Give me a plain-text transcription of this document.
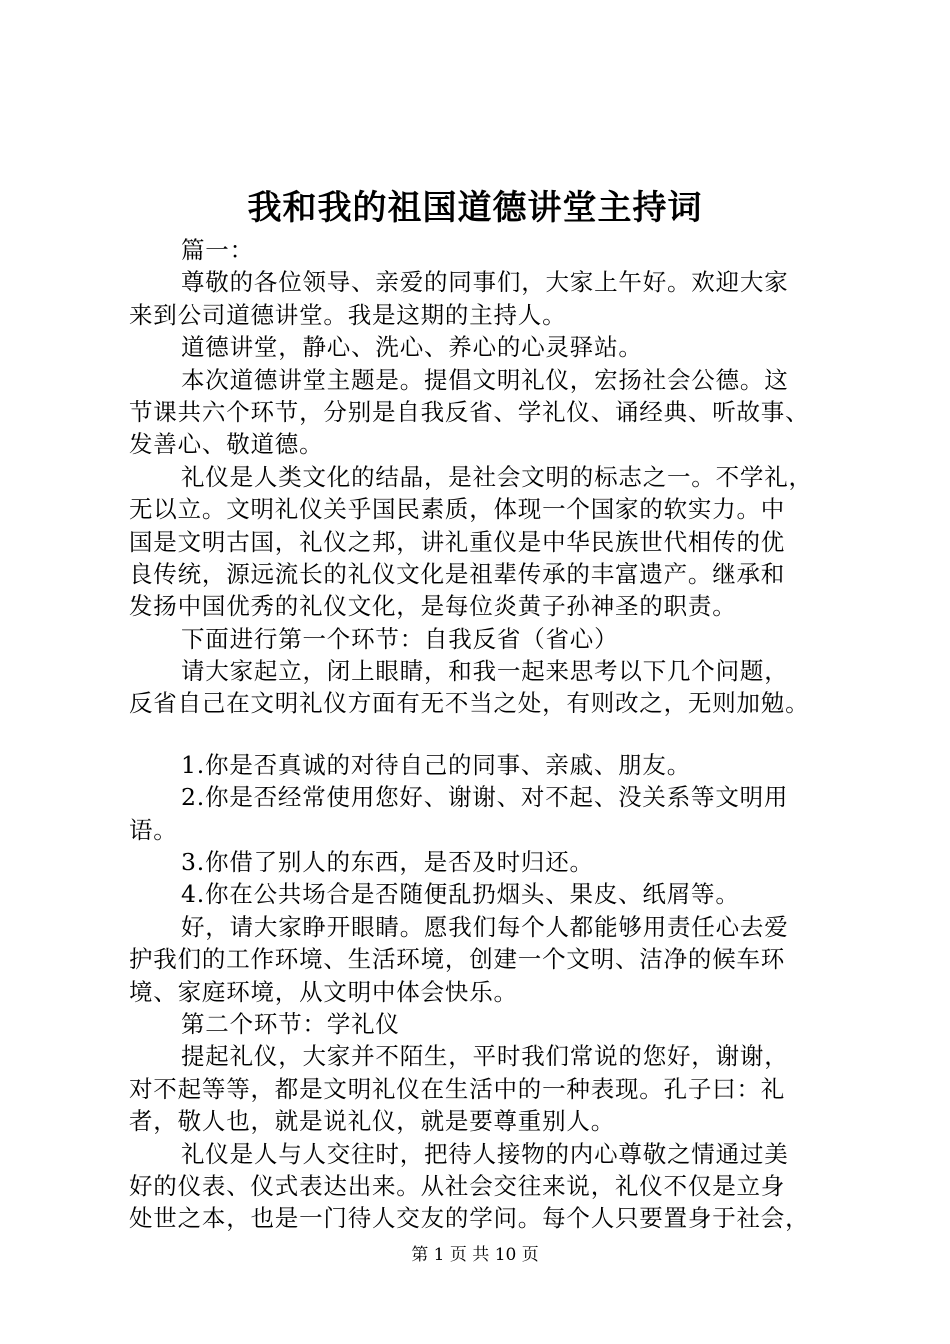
我和我的祖国道德讲堂主持词
篇一：
尊敬的各位领导、亲爱的同事们，大家上午好。欢迎大家
来到公司道德讲堂。我是这期的主持人。
道德讲堂，静心、洗心、养心的心灵驿站。
本次道德讲堂主题是。提倡文明礼仪，宏扬社会公德。这
节课共六个环节，分别是自我反省、学礼仪、诵经典、听故事、
发善心、敬道德。
礼仪是人类文化的结晶，是社会文明的标志之一。不学礼，
无以立。文明礼仪关乎国民素质，体现一个国家的软实力。中
国是文明古国，礼仪之邦，讲礼重仪是中华民族世代相传的优
良传统，源远流长的礼仪文化是祖辈传承的丰富遗产。继承和
发扬中国优秀的礼仪文化，是每位炎黄子孙神圣的职责。
下面进行第一个环节：自我反省（省心）
请大家起立，闭上眼睛，和我一起来思考以下几个问题，
反省自己在文明礼仪方面有无不当之处，有则改之，无则加勉。
1.你是否真诚的对待自己的同事、亲戚、朋友。
2.你是否经常使用您好、谢谢、对不起、没关系等文明用
语。
3.你借了别人的东西，是否及时归还。
4.你在公共场合是否随便乱扔烟头、果皮、纸屑等。
好，请大家睁开眼睛。愿我们每个人都能够用责任心去爱
护我们的工作环境、生活环境，创建一个文明、洁净的候车环
境、家庭环境，从文明中体会快乐。
第二个环节：学礼仪
提起礼仪，大家并不陌生，平时我们常说的您好，谢谢，
对不起等等，都是文明礼仪在生活中的一种表现。孔子曰：礼
者，敬人也，就是说礼仪，就是要尊重别人。
礼仪是人与人交往时，把待人接物的内心尊敬之情通过美
好的仪表、仪式表达出来。从社会交往来说，礼仪不仅是立身
处世之本，也是一门待人交友的学问。每个人只要置身于社会，
第 1 页 共 10 页
